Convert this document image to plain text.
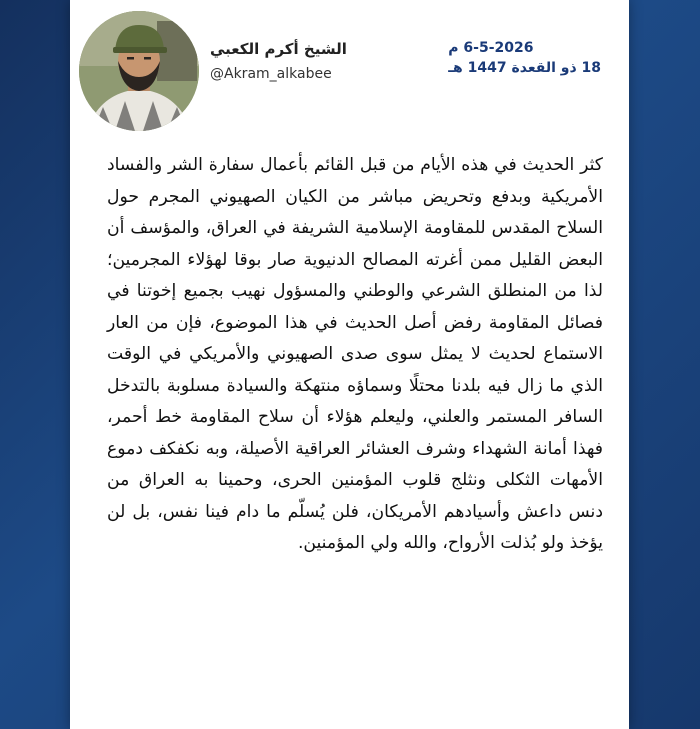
الشيخ أكرم الكعبي
@Akram_alkabee
6-5-2026 م
18 ذو القعدة 1447 هـ
كثر الحديث في هذه الأيام من قبل القائم بأعمال سفارة الشر والفساد الأمريكية وبدفع وتحريض مباشر من الكيان الصهيوني المجرم حول السلاح المقدس للمقاومة الإسلامية الشريفة في العراق، والمؤسف أن البعض القليل ممن أغرته المصالح الدنيوية صار بوقا لهؤلاء المجرمين؛ لذا من المنطلق الشرعي والوطني والمسؤول نهيب بجميع إخوتنا في فصائل المقاومة رفض أصل الحديث في هذا الموضوع، فإن من العار الاستماع لحديث لا يمثل سوى صدى الصهيوني والأمريكي في الوقت الذي ما زال فيه بلدنا محتلًا وسماؤه منتهكة والسيادة مسلوبة بالتدخل السافر المستمر والعلني، وليعلم هؤلاء أن سلاح المقاومة خط أحمر، فهذا أمانة الشهداء وشرف العشائر العراقية الأصيلة، وبه نكفكف دموع الأمهات الثكلى ونثلج قلوب المؤمنين الحرى، وحمينا به العراق من دنس داعش وأسيادهم الأمريكان، فلن يُسلّم ما دام فينا نفس، بل لن يؤخذ ولو بُذلت الأرواح، والله ولي المؤمنين.
